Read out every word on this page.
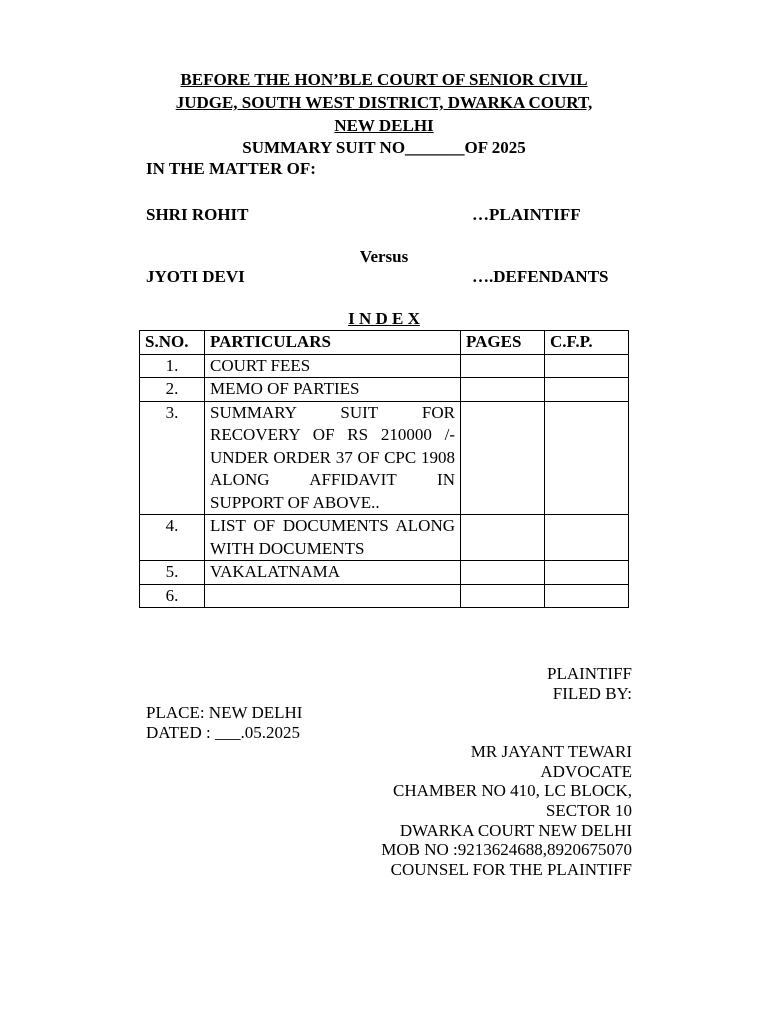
BEFORE THE HON’BLE COURT OF SENIOR CIVIL
JUDGE, SOUTH WEST DISTRICT, DWARKA COURT,
NEW DELHI
SUMMARY SUIT NO_______OF 2025
IN THE MATTER OF:
SHRI ROHIT	…PLAINTIFF
Versus
JYOTI DEVI	….DEFENDANTS
I N D E X
S.NO.	PARTICULARS	PAGES	C.F.P.
1.	COURT FEES		
2.	MEMO OF PARTIES		
3.	SUMMARY SUIT FOR RECOVERY OF RS 210000 /- UNDER ORDER 37 OF CPC 1908 ALONG AFFIDAVIT IN SUPPORT OF ABOVE..		
4.	LIST OF DOCUMENTS ALONG WITH DOCUMENTS		
5.	VAKALATNAMA		
6.			
PLAINTIFF
FILED BY:
PLACE: NEW DELHI
DATED : ___.05.2025
MR JAYANT TEWARI
ADVOCATE
CHAMBER NO 410, LC BLOCK,
SECTOR 10
DWARKA COURT NEW DELHI
MOB NO :9213624688,8920675070
COUNSEL FOR THE PLAINTIFF
